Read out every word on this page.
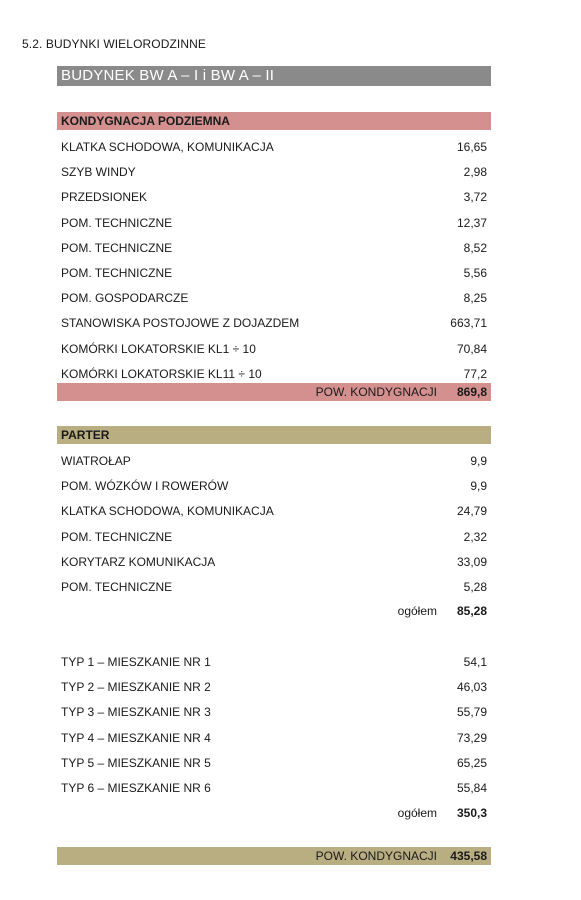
5.2. BUDYNKI WIELORODZINNE
BUDYNEK BW A – I i BW A – II
KONDYGNACJA PODZIEMNA
KLATKA SCHODOWA, KOMUNIKACJA	16,65
SZYB WINDY	2,98
PRZEDSIONEK	3,72
POM. TECHNICZNE	12,37
POM. TECHNICZNE	8,52
POM. TECHNICZNE	5,56
POM. GOSPODARCZE	8,25
STANOWISKA POSTOJOWE Z DOJAZDEM	663,71
KOMÓRKI LOKATORSKIE KL1 ÷ 10	70,84
KOMÓRKI LOKATORSKIE KL11 ÷ 10	77,2
POW. KONDYGNACJI 869,8
PARTER
WIATROŁAP	9,9
POM. WÓZKÓW I ROWERÓW	9,9
KLATKA SCHODOWA, KOMUNIKACJA	24,79
POM. TECHNICZNE	2,32
KORYTARZ KOMUNIKACJA	33,09
POM. TECHNICZNE	5,28
ogółem 85,28
TYP 1 – MIESZKANIE NR 1	54,1
TYP 2 – MIESZKANIE NR 2	46,03
TYP 3 – MIESZKANIE NR 3	55,79
TYP 4 – MIESZKANIE NR 4	73,29
TYP 5 – MIESZKANIE NR 5	65,25
TYP 6 – MIESZKANIE NR 6	55,84
ogółem 350,3
POW. KONDYGNACJI 435,58
